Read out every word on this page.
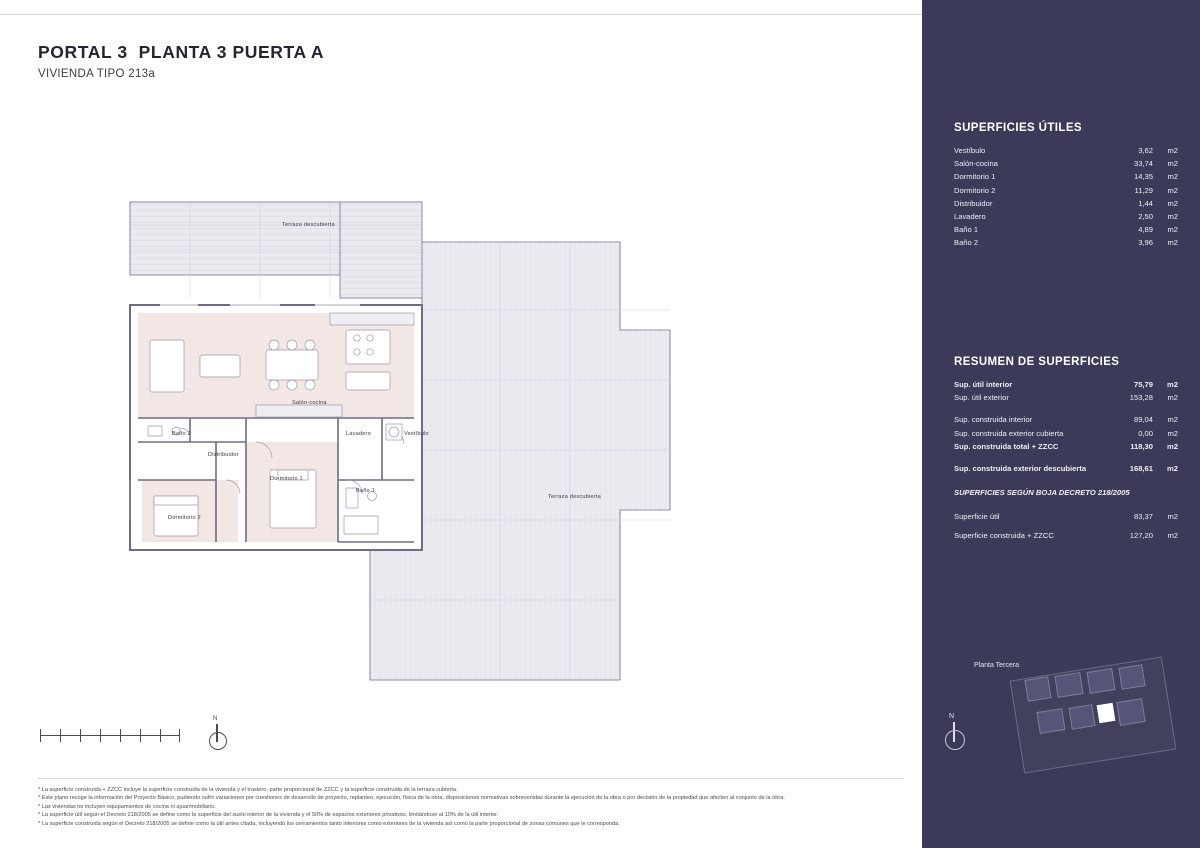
PORTAL 3  PLANTA 3 PUERTA A
VIVIENDA TIPO 213a
Terraza descubierta
Salón-cocina
Baño 2	Lavadero	Vestíbulo
Distribuidor
Dormitorio 1
Baño 1
Dormitorio 2
Terraza descubierta
N
* La superficie construida + ZZCC incluye la superficie construida de la vivienda y el trastero, parte proporcional de ZZCC y la superficie construida de la terraza cubierta.
* Este plano recoge la información del Proyecto Básico, pudiendo sufrir variaciones por cuestiones de desarrollo de proyecto, replanteo, ejecución, física de la obra, disposiciones normativas sobrevenidas durante la ejecución de la obra o por decisión de la propiedad que afecten al conjunto de la obra.
* Las viviendas no incluyen equipamientos de cocina ni ajuar/mobiliario.
* La superficie útil según el Decreto 218/2005 se define como la superficie del suelo interior de la vivienda y el 50% de espacios exteriores privativos, limitándose al 10% de la útil interior.
* La superficie construida según el Decreto 218/2005 se define como la útil antes citada, incluyendo los cerramientos tanto interiores como exteriores de la vivienda así como la parte proporcional de zonas comunes que le corresponda.
SUPERFICIES ÚTILES
Vestíbulo	3,62	m2
Salón-cocina	33,74	m2
Dormitorio 1	14,35	m2
Dormitorio 2	11,29	m2
Distribuidor	1,44	m2
Lavadero	2,50	m2
Baño 1	4,89	m2
Baño 2	3,96	m2
RESUMEN DE SUPERFICIES
Sup. útil interior	75,79	m2
Sup. útil exterior	153,28	m2
Sup. construida interior	89,04	m2
Sup. construida exterior cubierta	0,00	m2
Sup. construida total + ZZCC	118,30	m2
Sup. construida exterior descubierta	168,61	m2
SUPERFICIES SEGÚN BOJA DECRETO 218/2005
Superficie útil	83,37	m2
Superficie construida + ZZCC	127,20	m2
Planta Tercera
N
